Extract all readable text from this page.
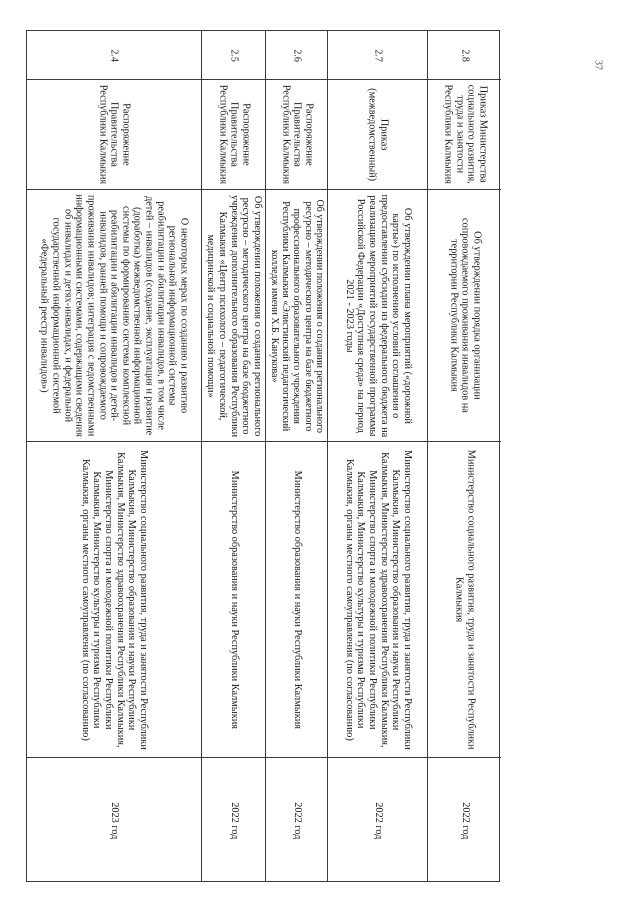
37
2.4
Распоряжение Правительства Республики Калмыкия
О некоторых мерах по созданию и развитию региональной информационной системы реабилитации и абилитации инвалидов, в том числе детей – инвалидов (создание, эксплуатация и развитие (доработка) межведомственной информационной системы по формированию системы комплексной реабилитации и абилитации инвалидов и детей-инвалидов, ранней помощи и сопровождаемого проживания инвалидов; интеграция с ведомственными информационными системами, содержащими сведения об инвалидах и детях-инвалидах, и федеральной государственной информационной системой «Федеральный реестр инвалидов»)
Министерство социального развития, труда и занятости Республики Калмыкия, Министерство образования и науки Республики Калмыкия, Министерство здравоохранения Республики Калмыкия, Министерство спорта и молодежной политики Республики Калмыкия, Министерство культуры и туризма Республики Калмыкия, органы местного самоуправления (по согласованию)
2023 год
2.5
Распоряжение Правительства Республики Калмыкия
Об утверждении положения о создании регионального ресурсно – методического центра на базе бюджетного учреждения дополнительного образования Республики Калмыкия «Центр психолого – педагогической, медицинской и социальной помощи»
Министерство образования и науки Республики Калмыкия
2022 год
2.6
Распоряжение Правительства Республики Калмыкия
Об утверждении положения о создании регионального ресурсно – методического центра на базе бюджетного профессионального образовательного учреждения Республики Калмыкия «Элистинский педагогический колледж имени Х.Б. Канукова»
Министерство образования и науки Республики Калмыкия
2022 год
2.7
Приказ (межведомственный)
Об утверждении плана мероприятий («дорожной карты») по исполнению условий соглашения о предоставлении субсидии из федерального бюджета на реализацию мероприятий государственной программы Российской Федерации «Доступная среда» на период 2021 - 2023 годы
Министерство социального развития, труда и занятости Республики Калмыкия, Министерство образования и науки Республики Калмыкия, Министерство здравоохранения Республики Калмыкия, Министерство спорта и молодежной политики Республики Калмыкия, Министерство культуры и туризма Республики Калмыкия, органы местного самоуправления (по согласованию)
2022 год
2.8
Приказ Министерства социального развития, труда и занятости Республики Калмыкия
Об утверждении порядка организации сопровождаемого проживания инвалидов на территории Республики Калмыкия
Министерство социального развития, труда и занятости Республики Калмыкия
2022 год
